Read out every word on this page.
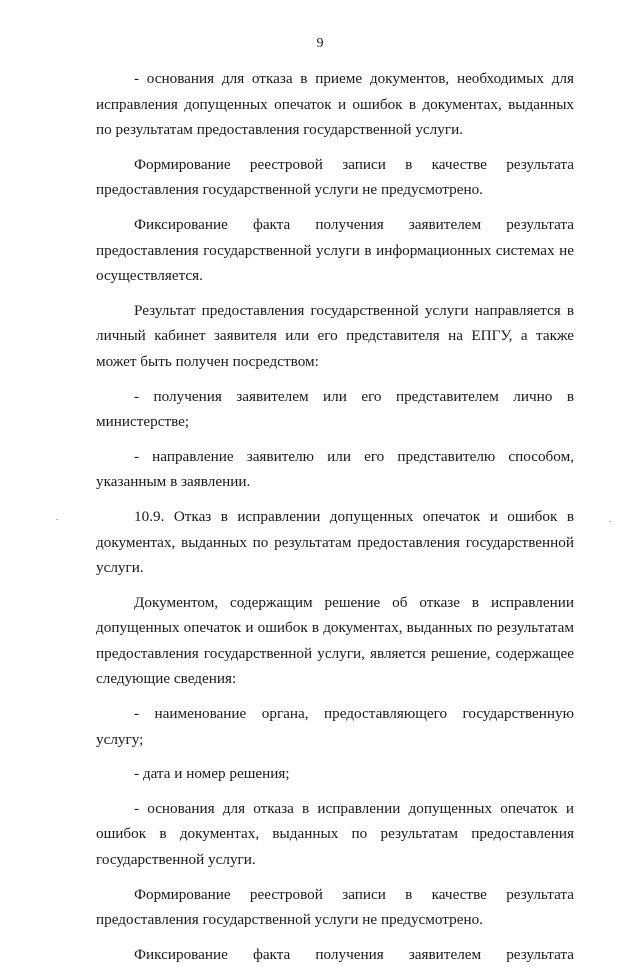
9

- основания для отказа в приеме документов, необходимых для исправления допущенных опечаток и ошибок в документах, выданных по результатам предоставления государственной услуги.

Формирование реестровой записи в качестве результата предоставления государственной услуги не предусмотрено.

Фиксирование факта получения заявителем результата предоставления государственной услуги в информационных системах не осуществляется.

Результат предоставления государственной услуги направляется в личный кабинет заявителя или его представителя на ЕПГУ, а также может быть получен посредством:

- получения заявителем или его представителем лично в министерстве;

- направление заявителю или его представителю способом, указанным в заявлении.

10.9. Отказ в исправлении допущенных опечаток и ошибок в документах, выданных по результатам предоставления государственной услуги.

Документом, содержащим решение об отказе в исправлении допущенных опечаток и ошибок в документах, выданных по результатам предоставления государственной услуги, является решение, содержащее следующие сведения:

- наименование органа, предоставляющего государственную услугу;

- дата и номер решения;

- основания для отказа в исправлении допущенных опечаток и ошибок в документах, выданных по результатам предоставления государственной услуги.

Формирование реестровой записи в качестве результата предоставления государственной услуги не предусмотрено.

Фиксирование факта получения заявителем результата
